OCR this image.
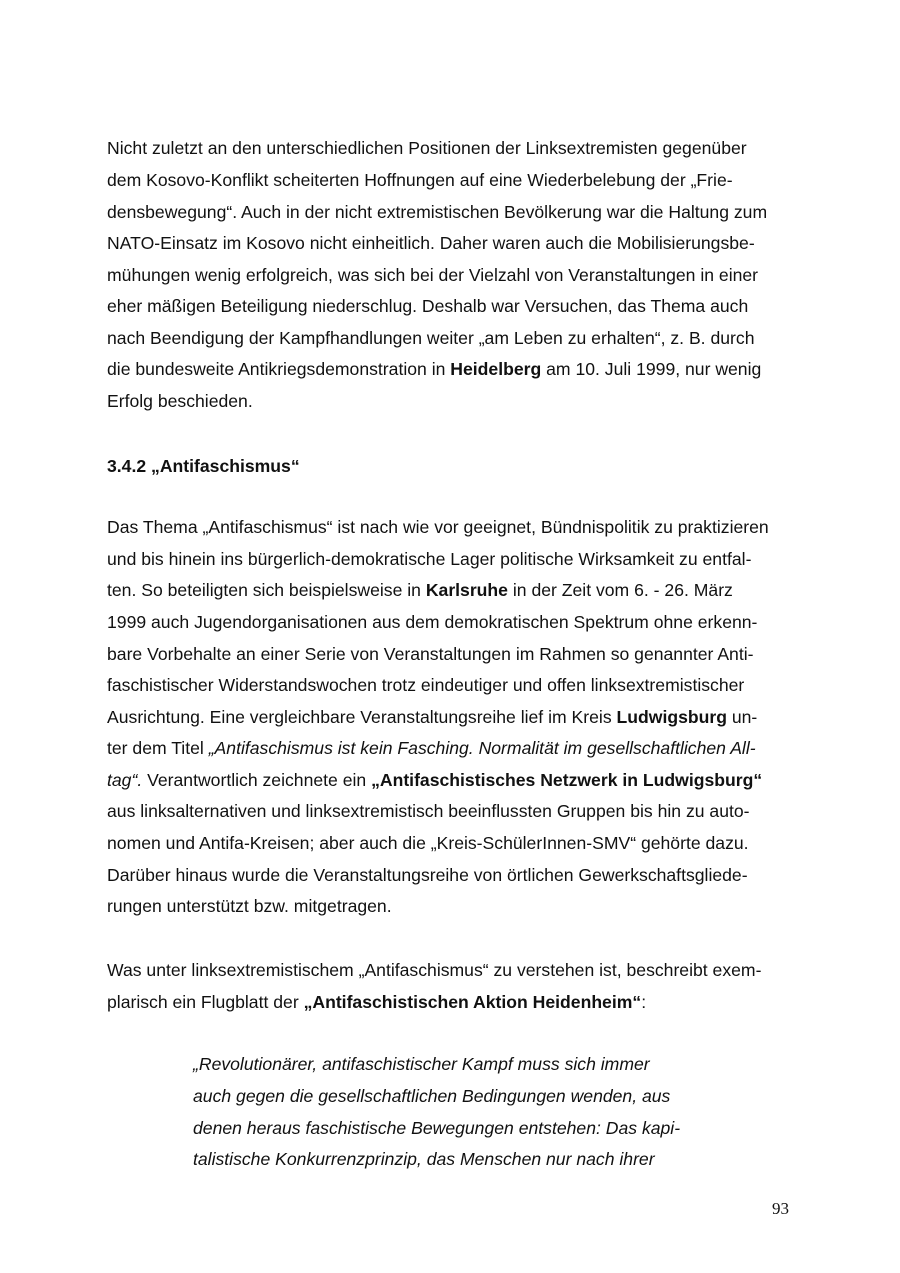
Nicht zuletzt an den unterschiedlichen Positionen der Linksextremisten gegenüber
dem Kosovo-Konflikt scheiterten Hoffnungen auf eine Wiederbelebung der „Frie-
densbewegung“. Auch in der nicht extremistischen Bevölkerung war die Haltung zum
NATO-Einsatz im Kosovo nicht einheitlich. Daher waren auch die Mobilisierungsbe-
mühungen wenig erfolgreich, was sich bei der Vielzahl von Veranstaltungen in einer
eher mäßigen Beteiligung niederschlug. Deshalb war Versuchen, das Thema auch
nach Beendigung der Kampfhandlungen weiter „am Leben zu erhalten“, z. B. durch
die bundesweite Antikriegsdemonstration in Heidelberg am 10. Juli 1999, nur wenig
Erfolg beschieden.
3.4.2 „Antifaschismus“
Das Thema „Antifaschismus“ ist nach wie vor geeignet, Bündnispolitik zu praktizieren
und bis hinein ins bürgerlich-demokratische Lager politische Wirksamkeit zu entfal-
ten. So beteiligten sich beispielsweise in Karlsruhe in der Zeit vom 6. - 26. März
1999 auch Jugendorganisationen aus dem demokratischen Spektrum ohne erkenn-
bare Vorbehalte an einer Serie von Veranstaltungen im Rahmen so genannter Anti-
faschistischer Widerstandswochen trotz eindeutiger und offen linksextremistischer
Ausrichtung. Eine vergleichbare Veranstaltungsreihe lief im Kreis Ludwigsburg un-
ter dem Titel „Antifaschismus ist kein Fasching. Normalität im gesellschaftlichen All-
tag“. Verantwortlich zeichnete ein „Antifaschistisches Netzwerk in Ludwigsburg“
aus linksalternativen und linksextremistisch beeinflussten Gruppen bis hin zu auto-
nomen und Antifa-Kreisen; aber auch die „Kreis-SchülerInnen-SMV“ gehörte dazu.
Darüber hinaus wurde die Veranstaltungsreihe von örtlichen Gewerkschaftsgliede-
rungen unterstützt bzw. mitgetragen.
Was unter linksextremistischem „Antifaschismus“ zu verstehen ist, beschreibt exem-
plarisch ein Flugblatt der „Antifaschistischen Aktion Heidenheim“:
„Revolutionärer, antifaschistischer Kampf muss sich immer
auch gegen die gesellschaftlichen Bedingungen wenden, aus
denen heraus faschistische Bewegungen entstehen: Das kapi-
talistische Konkurrenzprinzip, das Menschen nur nach ihrer
93
